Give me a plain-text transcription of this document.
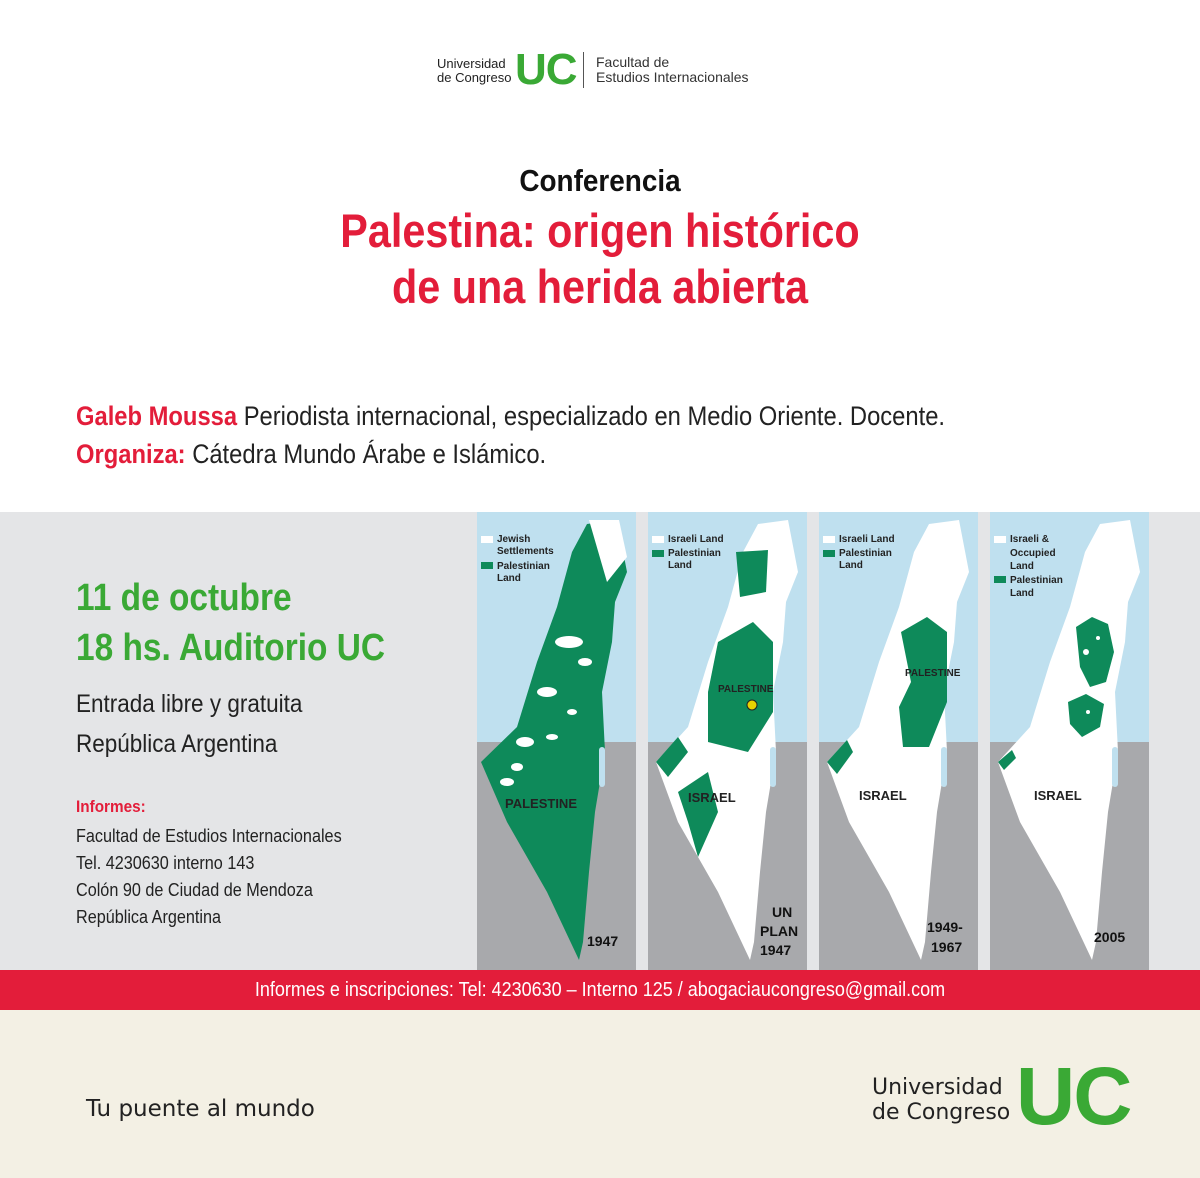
Universidad
de Congreso UC Facultad de
Estudios Internacionales
Conferencia
Palestina: origen histórico
de una herida abierta
Galeb Moussa Periodista internacional, especializado en Medio Oriente. Docente.
Organiza: Cátedra Mundo Árabe e Islámico.
11 de octubre
18 hs. Auditorio UC
Entrada libre y gratuita
República Argentina
Informes:
Facultad de Estudios Internacionales
Tel. 4230630 interno 143
Colón 90 de Ciudad de Mendoza
República Argentina
Jewish
Settlements
Palestinian
Land
PALESTINE
1947
Israeli Land
Palestinian
Land
PALESTINE
ISRAEL
UN
PLAN
1947
Israeli Land
Palestinian
Land
PALESTINE
ISRAEL
1949-
1967
Israeli &
Occupied
Land
Palestinian
Land
ISRAEL
2005
Informes e inscripciones: Tel: 4230630 – Interno 125 / abogaciaucongreso@gmail.com
Tu puente al mundo
Universidad
de Congreso UC
